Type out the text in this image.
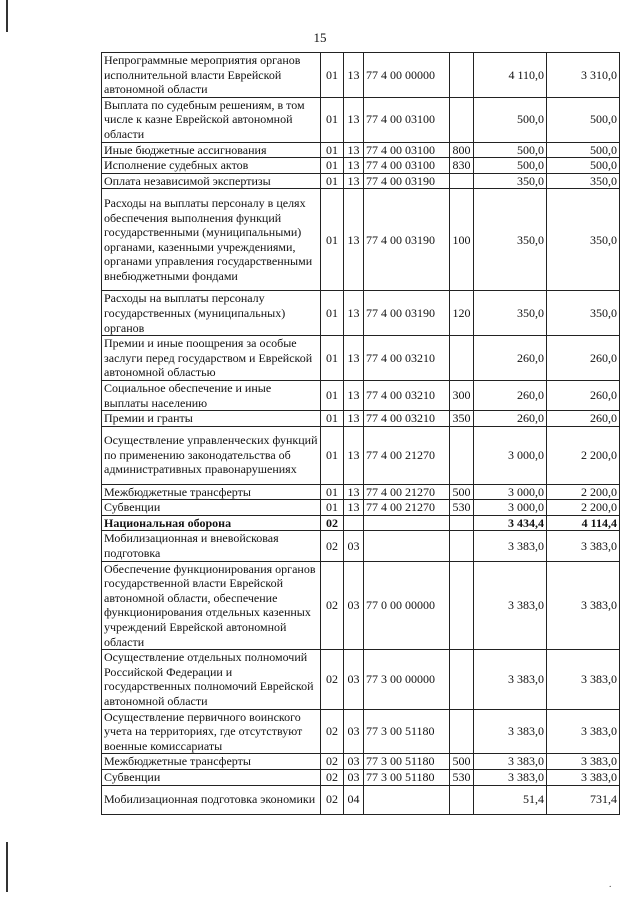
15
Непрограммные мероприятия органов исполнительной власти Еврейской автономной области	01	13	77 4 00 00000		4 110,0	3 310,0
Выплата по судебным решениям, в том числе к казне Еврейской автономной области	01	13	77 4 00 03100		500,0	500,0
Иные бюджетные ассигнования	01	13	77 4 00 03100	800	500,0	500,0
Исполнение судебных актов	01	13	77 4 00 03100	830	500,0	500,0
Оплата независимой экспертизы	01	13	77 4 00 03190		350,0	350,0
Расходы на выплаты персоналу в целях обеспечения выполнения функций государственными (муниципальными) органами, казенными учреждениями, органами управления государственными внебюджетными фондами	01	13	77 4 00 03190	100	350,0	350,0
Расходы на выплаты персоналу государственных (муниципальных) органов	01	13	77 4 00 03190	120	350,0	350,0
Премии и иные поощрения за особые заслуги перед государством и Еврейской автономной областью	01	13	77 4 00 03210		260,0	260,0
Социальное обеспечение и иные выплаты населению	01	13	77 4 00 03210	300	260,0	260,0
Премии и гранты	01	13	77 4 00 03210	350	260,0	260,0
Осуществление управленческих функций по применению законодательства об административных правонарушениях	01	13	77 4 00 21270		3 000,0	2 200,0
Межбюджетные трансферты	01	13	77 4 00 21270	500	3 000,0	2 200,0
Субвенции	01	13	77 4 00 21270	530	3 000,0	2 200,0
Национальная оборона	02				3 434,4	4 114,4
Мобилизационная и вневойсковая подготовка	02	03			3 383,0	3 383,0
Обеспечение функционирования органов государственной власти Еврейской автономной области, обеспечение функционирования отдельных казенных учреждений Еврейской автономной области	02	03	77 0 00 00000		3 383,0	3 383,0
Осуществление отдельных полномочий Российской Федерации и государственных полномочий Еврейской автономной области	02	03	77 3 00 00000		3 383,0	3 383,0
Осуществление первичного воинского учета на территориях, где отсутствуют военные комиссариаты	02	03	77 3 00 51180		3 383,0	3 383,0
Межбюджетные трансферты	02	03	77 3 00 51180	500	3 383,0	3 383,0
Субвенции	02	03	77 3 00 51180	530	3 383,0	3 383,0
Мобилизационная подготовка экономики	02	04			51,4	731,4
·
